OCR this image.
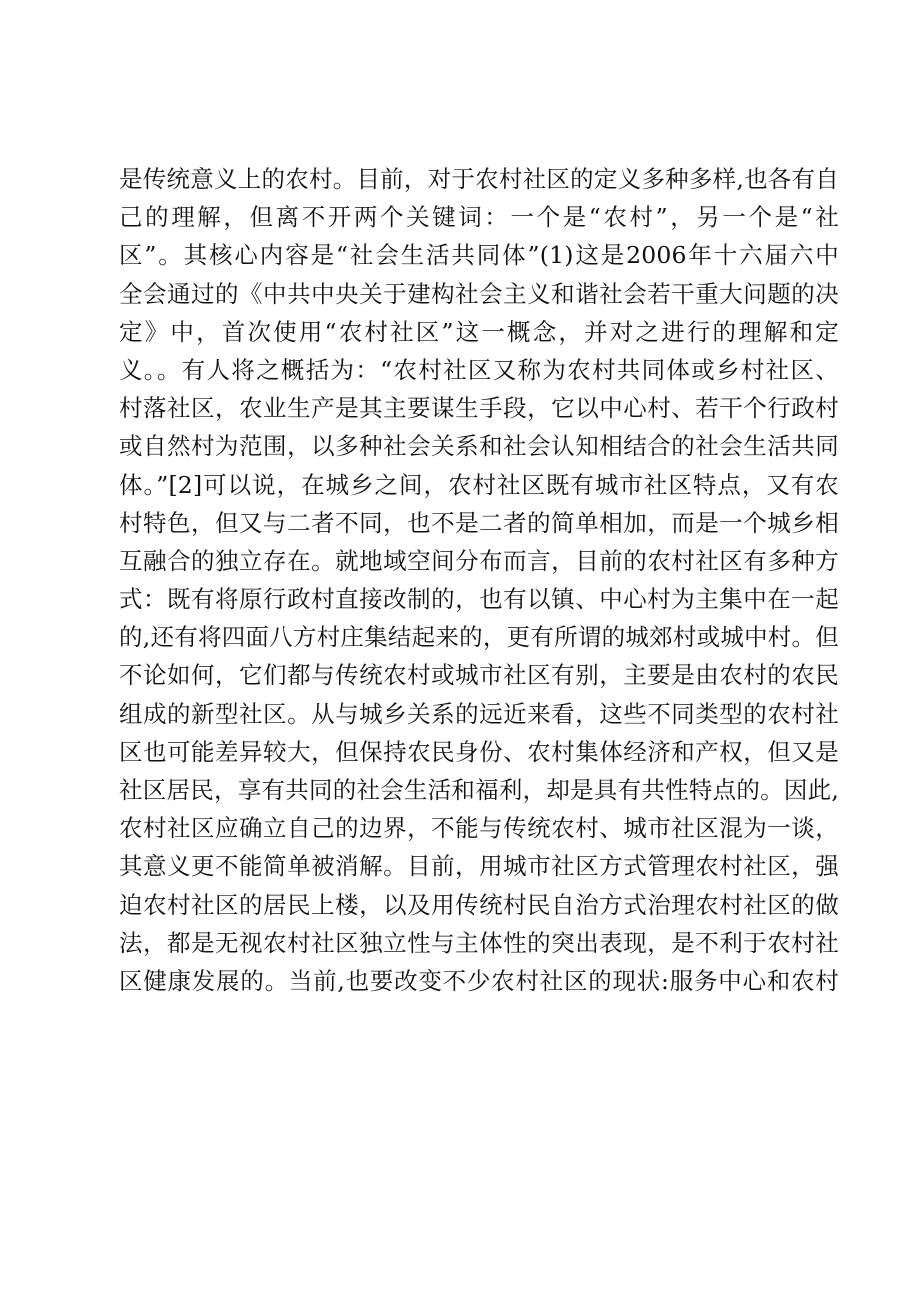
是传统意义上的农村。目前，对于农村社区的定义多种多样,也各有自
己的理解，但离不开两个关键词：一个是“农村”，另一个是“社
区”。其核心内容是“社会生活共同体”(1)这是2006年十六届六中
全会通过的《中共中央关于建构社会主义和谐社会若干重大问题的决
定》中，首次使用“农村社区”这一概念，并对之进行的理解和定
义。。有人将之概括为：“农村社区又称为农村共同体或乡村社区、
村落社区，农业生产是其主要谋生手段，它以中心村、若干个行政村
或自然村为范围，以多种社会关系和社会认知相结合的社会生活共同
体。”[2]可以说，在城乡之间，农村社区既有城市社区特点，又有农
村特色，但又与二者不同，也不是二者的简单相加，而是一个城乡相
互融合的独立存在。就地域空间分布而言，目前的农村社区有多种方
式：既有将原行政村直接改制的，也有以镇、中心村为主集中在一起
的,还有将四面八方村庄集结起来的，更有所谓的城郊村或城中村。但
不论如何，它们都与传统农村或城市社区有别，主要是由农村的农民
组成的新型社区。从与城乡关系的远近来看，这些不同类型的农村社
区也可能差异较大，但保持农民身份、农村集体经济和产权，但又是
社区居民，享有共同的社会生活和福利，却是具有共性特点的。因此,
农村社区应确立自己的边界，不能与传统农村、城市社区混为一谈，
其意义更不能简单被消解。目前，用城市社区方式管理农村社区，强
迫农村社区的居民上楼，以及用传统村民自治方式治理农村社区的做
法，都是无视农村社区独立性与主体性的突出表现，是不利于农村社
区健康发展的。当前,也要改变不少农村社区的现状:服务中心和农村
